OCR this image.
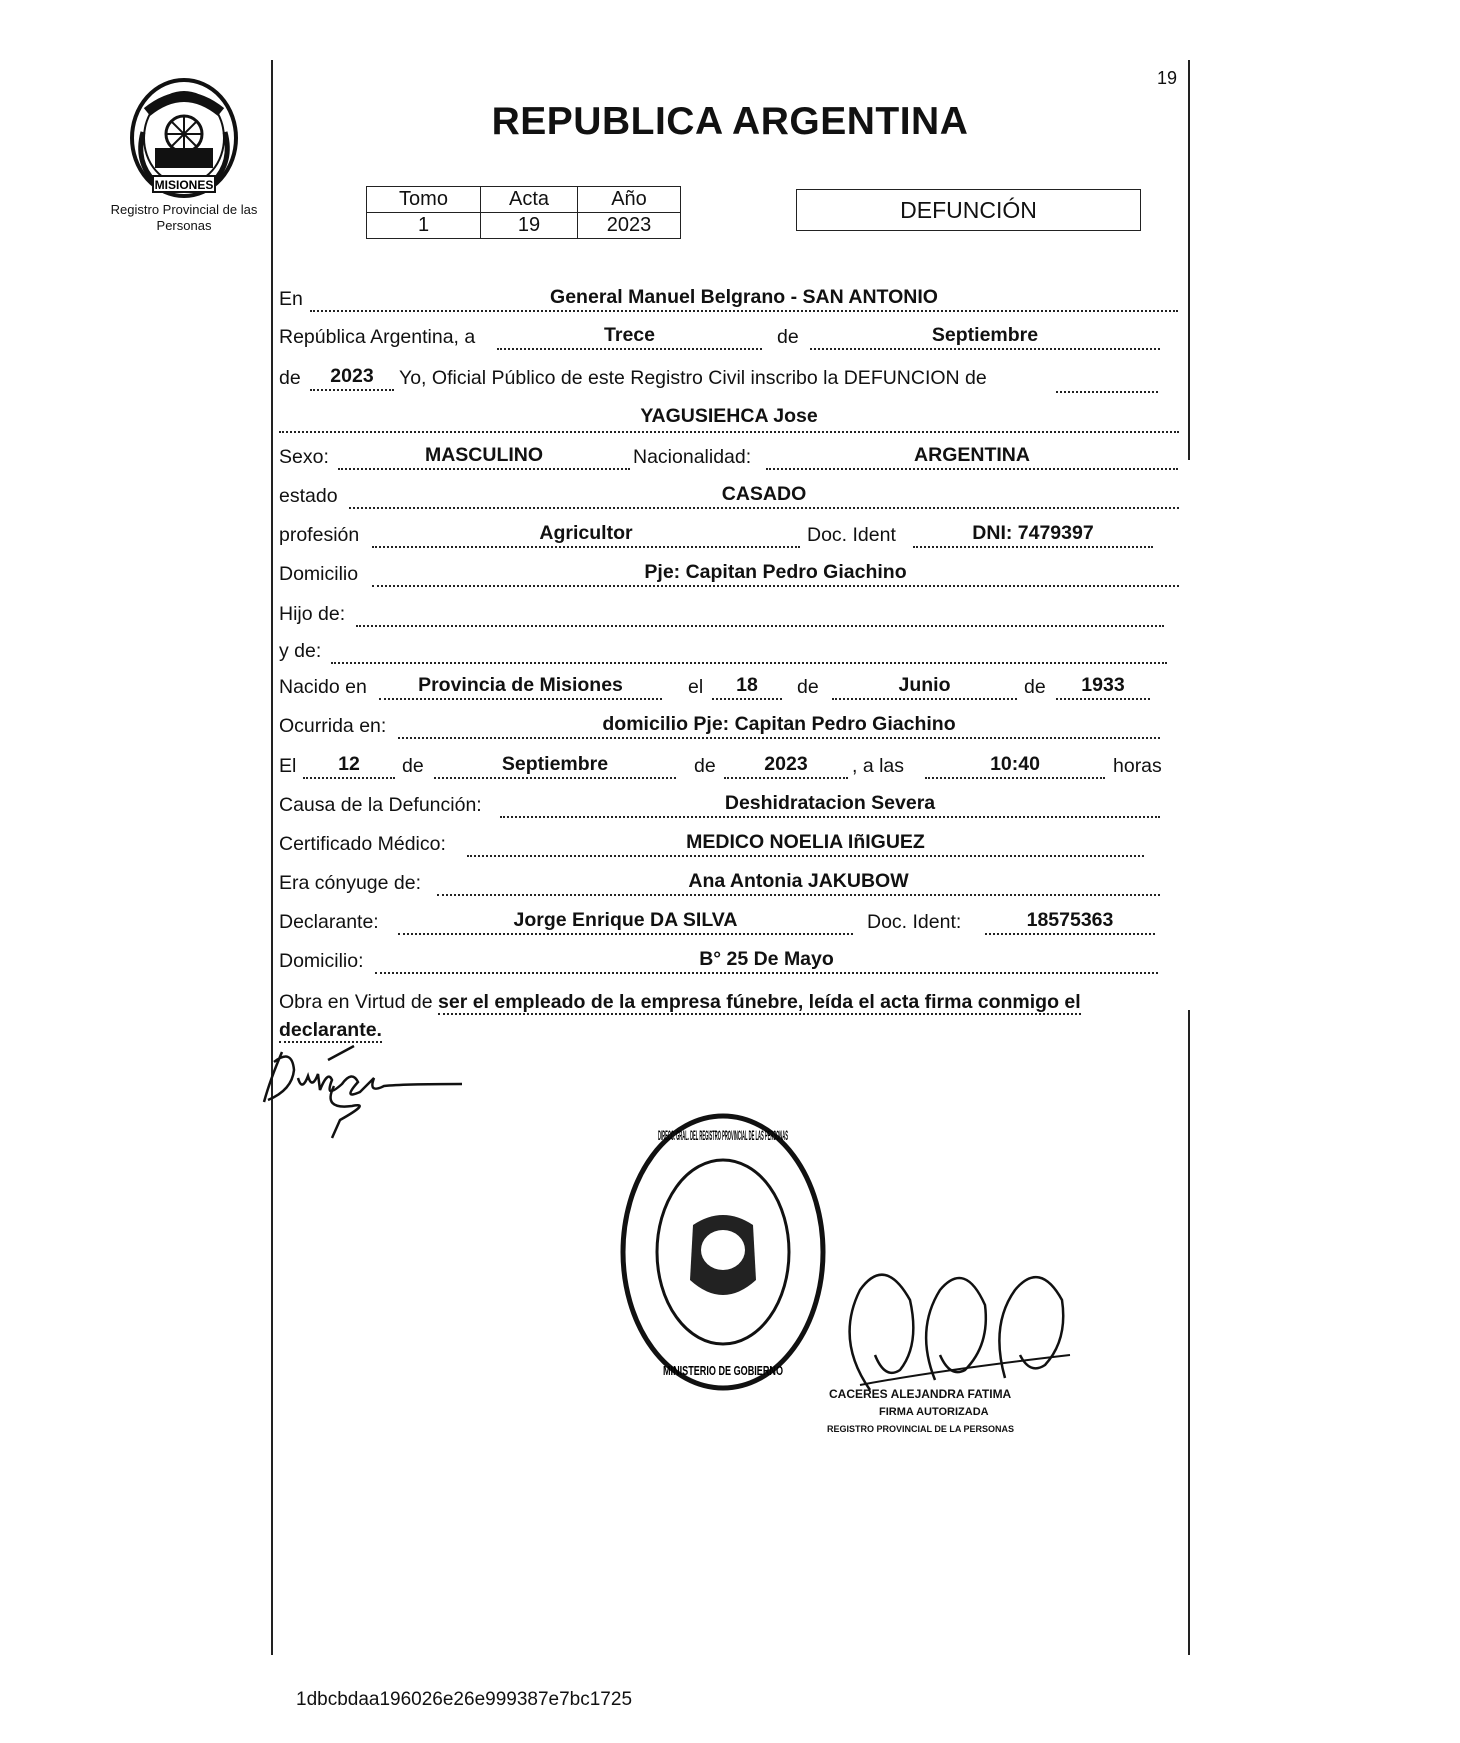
19
MISIONES
Registro Provincial de las Personas
REPUBLICA ARGENTINA
Tomo	Acta	Año
1	19	2023
DEFUNCIÓN
En	General Manuel Belgrano - SAN ANTONIO
República Argentina, a	Trece	de	Septiembre
de	2023	Yo, Oficial Público de este Registro Civil inscribo la DEFUNCION de
YAGUSIEHCA Jose
Sexo:	MASCULINO	Nacionalidad:	ARGENTINA
estado	CASADO
profesión	Agricultor	Doc. Ident	DNI: 7479397
Domicilio	Pje: Capitan Pedro Giachino
Hijo de:
y de:
Nacido en	Provincia de Misiones	el	18	de	Junio	de	1933
Ocurrida en:	domicilio Pje: Capitan Pedro Giachino
El	12	de	Septiembre	de	2023	, a las	10:40	horas
Causa de la Defunción:	Deshidratacion Severa
Certificado Médico:	MEDICO NOELIA IñIGUEZ
Era cónyuge de:	Ana Antonia JAKUBOW
Declarante:	Jorge Enrique DA SILVA	Doc. Ident:	18575363
Domicilio:	B° 25 De Mayo
Obra en Virtud de ser el empleado de la empresa fúnebre, leída el acta firma conmigo el declarante.
DIRECC. GRAL. DEL REGISTRO PROVINCIAL DE LAS PERSONAS
MINISTERIO DE GOBIERNO
CACERES ALEJANDRA FATIMA
FIRMA AUTORIZADA
REGISTRO PROVINCIAL DE LA PERSONAS
1dbcbdaa196026e26e999387e7bc1725
